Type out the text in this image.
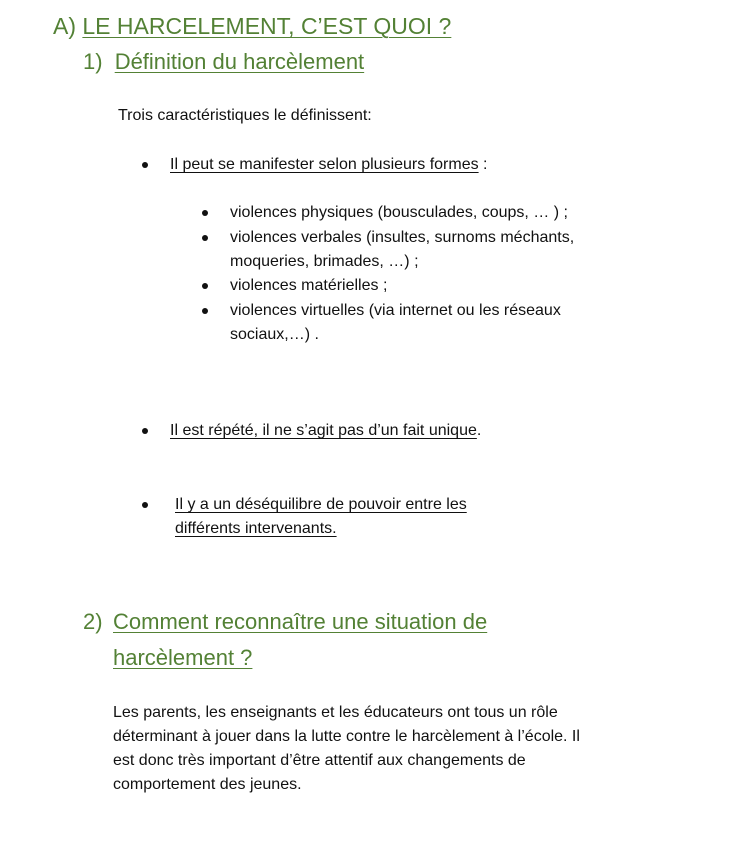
A) LE HARCELEMENT, C’EST QUOI ?
1) Définition du harcèlement
Trois caractéristiques le définissent:
Il peut se manifester selon plusieurs formes :
violences physiques (bousculades, coups, … ) ;
violences verbales (insultes, surnoms méchants,
moqueries, brimades, …) ;
violences matérielles ;
violences virtuelles (via internet ou les réseaux
sociaux,…) .
Il est répété, il ne s’agit pas d’un fait unique.
Il y a un déséquilibre de pouvoir entre les
différents intervenants.
2) Comment reconnaître une situation de
harcèlement ?
Les parents, les enseignants et les éducateurs ont tous un rôle
déterminant à jouer dans la lutte contre le harcèlement à l’école. Il
est donc très important d’être attentif aux changements de
comportement des jeunes.
